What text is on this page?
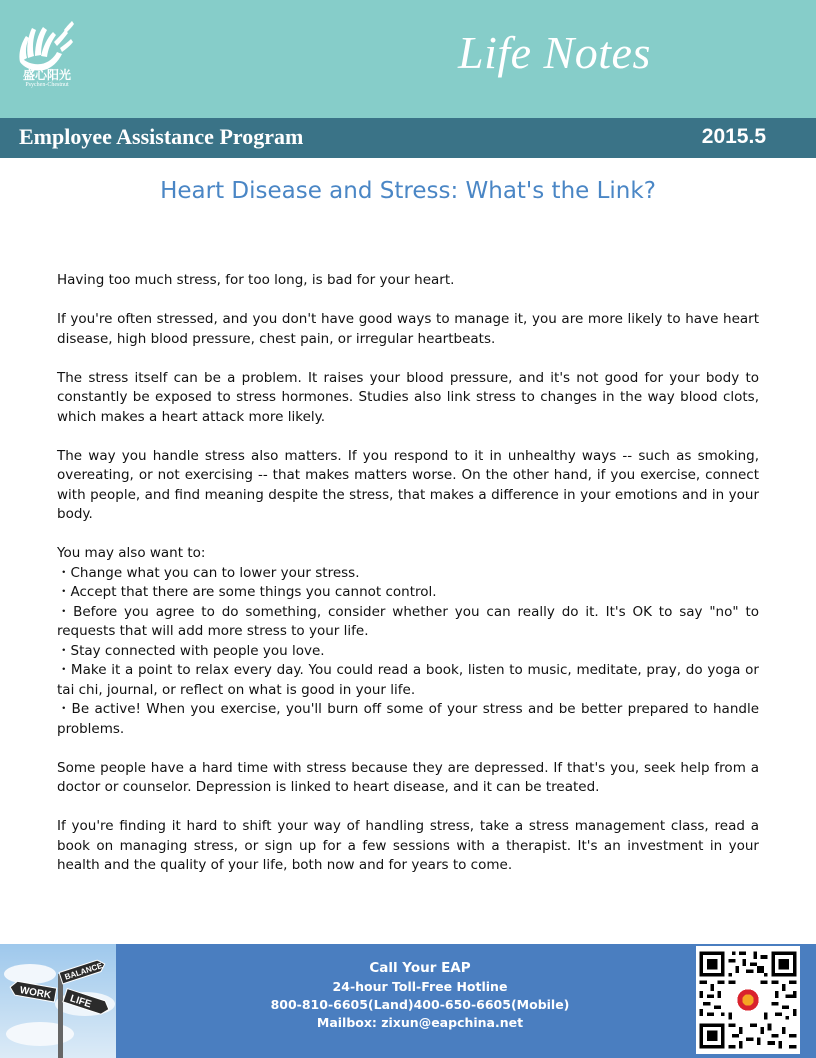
盛心阳光
Psychen-Chestnut
Life Notes
Employee Assistance Program	2015.5
Heart Disease and Stress: What's the Link?

Having too much stress, for too long, is bad for your heart.

If you're often stressed, and you don't have good ways to manage it, you are more likely to have heart disease, high blood pressure, chest pain, or irregular heartbeats.

The stress itself can be a problem. It raises your blood pressure, and it's not good for your body to constantly be exposed to stress hormones. Studies also link stress to changes in the way blood clots, which makes a heart attack more likely.

The way you handle stress also matters. If you respond to it in unhealthy ways -- such as smoking, overeating, or not exercising -- that makes matters worse. On the other hand, if you exercise, connect with people, and find meaning despite the stress, that makes a difference in your emotions and in your body.

You may also want to:

・Change what you can to lower your stress.

・Accept that there are some things you cannot control.

・Before you agree to do something, consider whether you can really do it. It's OK to say "no" to requests that will add more stress to your life.

・Stay connected with people you love.

・Make it a point to relax every day. You could read a book, listen to music, meditate, pray, do yoga or tai chi, journal, or reflect on what is good in your life.

・Be active! When you exercise, you'll burn off some of your stress and be better prepared to handle problems.

Some people have a hard time with stress because they are depressed. If that's you, seek help from a doctor or counselor. Depression is linked to heart disease, and it can be treated.

If you're finding it hard to shift your way of handling stress, take a stress management class, read a book on managing stress, or sign up for a few sessions with a therapist. It's an investment in your health and the quality of your life, both now and for years to come.

BALANCE
WORK
LIFE
Call Your EAP
24-hour Toll-Free Hotline
800-810-6605(Land)400-650-6605(Mobile)
Mailbox: zixun@eapchina.net
